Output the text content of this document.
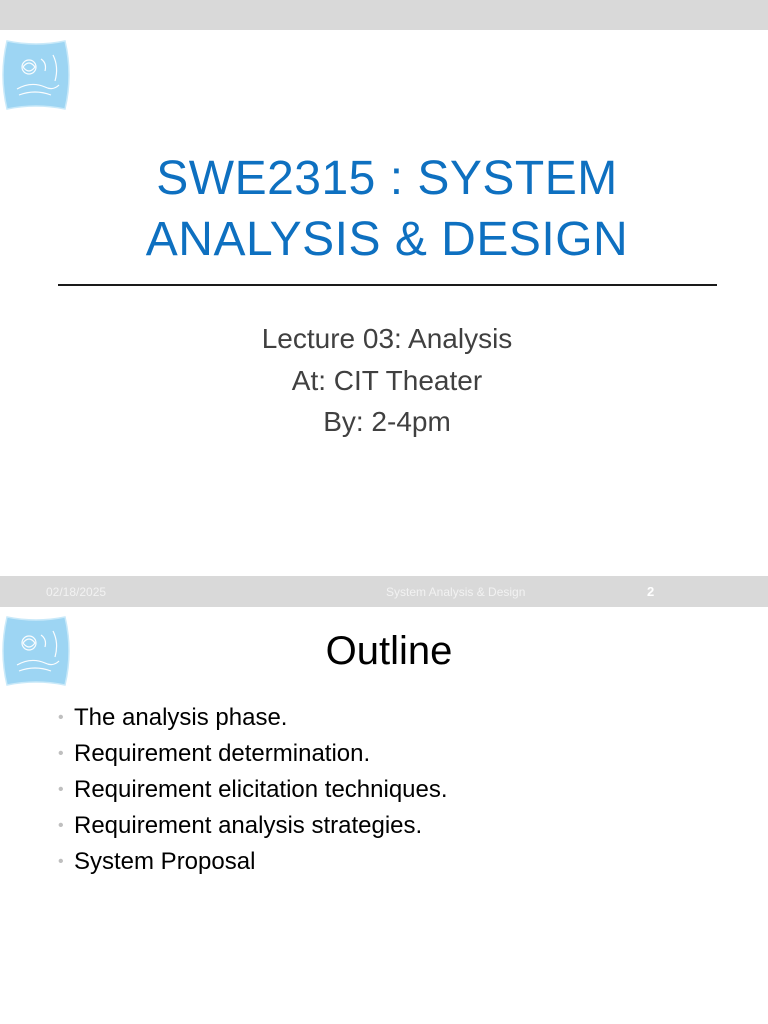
SWE2315 : SYSTEM
ANALYSIS & DESIGN
Lecture 03: Analysis
At: CIT Theater
By: 2-4pm
02/18/2025	System Analysis & Design	2
Outline
• The analysis phase.
• Requirement determination.
• Requirement elicitation techniques.
• Requirement analysis strategies.
• System Proposal
